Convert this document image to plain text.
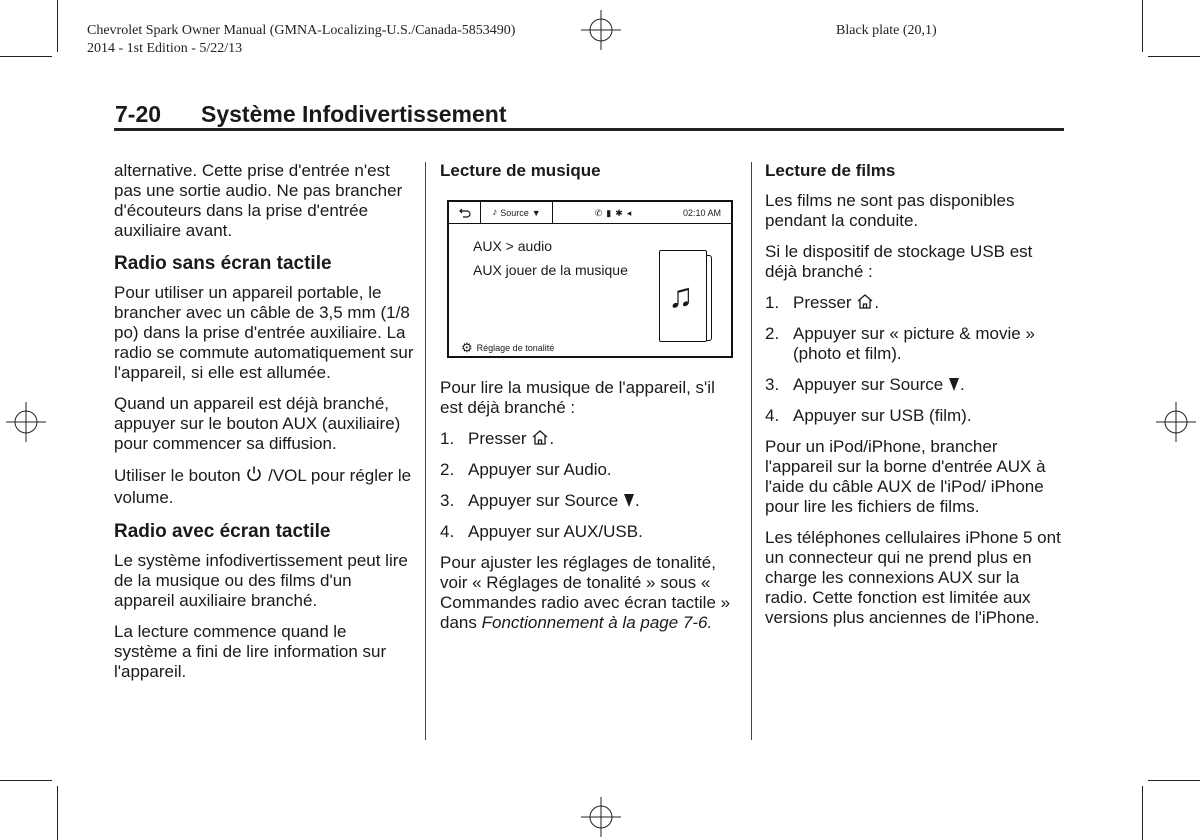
Chevrolet Spark Owner Manual (GMNA-Localizing-U.S./Canada-5853490)
2014 - 1st Edition - 5/22/13
Black plate (20,1)
7-20 Système Infodivertissement

alternative. Cette prise d'entrée n'est pas une sortie audio. Ne pas brancher d'écouteurs dans la prise d'entrée auxiliaire avant.

Radio sans écran tactile

Pour utiliser un appareil portable, le brancher avec un câble de 3,5 mm (1/8 po) dans la prise d'entrée auxiliaire. La radio se commute automatiquement sur l'appareil, si elle est allumée.

Quand un appareil est déjà branché, appuyer sur le bouton AUX (auxiliaire) pour commencer sa diffusion.

Utiliser le bouton /VOL pour régler le volume.

Radio avec écran tactile

Le système infodivertissement peut lire de la musique ou des films d'un appareil auxiliaire branché.

La lecture commence quand le système a fini de lire information sur l'appareil.

Lecture de musique
♪ Source ▼	✆ ▮ ✱ ◂	02:10 AM
AUX > audio
AUX jouer de la musique
♫
⚙ Réglage de tonalité

Pour lire la musique de l'appareil, s'il est déjà branché :

1. Presser .
2. Appuyer sur Audio.
3. Appuyer sur Source .
4. Appuyer sur AUX/USB.

Pour ajuster les réglages de tonalité, voir « Réglages de tonalité » sous « Commandes radio avec écran tactile » dans Fonctionnement à la page 7-6.

Lecture de films

Les films ne sont pas disponibles pendant la conduite.

Si le dispositif de stockage USB est déjà branché :

1. Presser .
2. Appuyer sur « picture & movie » (photo et film).
3. Appuyer sur Source .
4. Appuyer sur USB (film).

Pour un iPod/iPhone, brancher l'appareil sur la borne d'entrée AUX à l'aide du câble AUX de l'iPod/ iPhone pour lire les fichiers de films.

Les téléphones cellulaires iPhone 5 ont un connecteur qui ne prend plus en charge les connexions AUX sur la radio. Cette fonction est limitée aux versions plus anciennes de l'iPhone.
